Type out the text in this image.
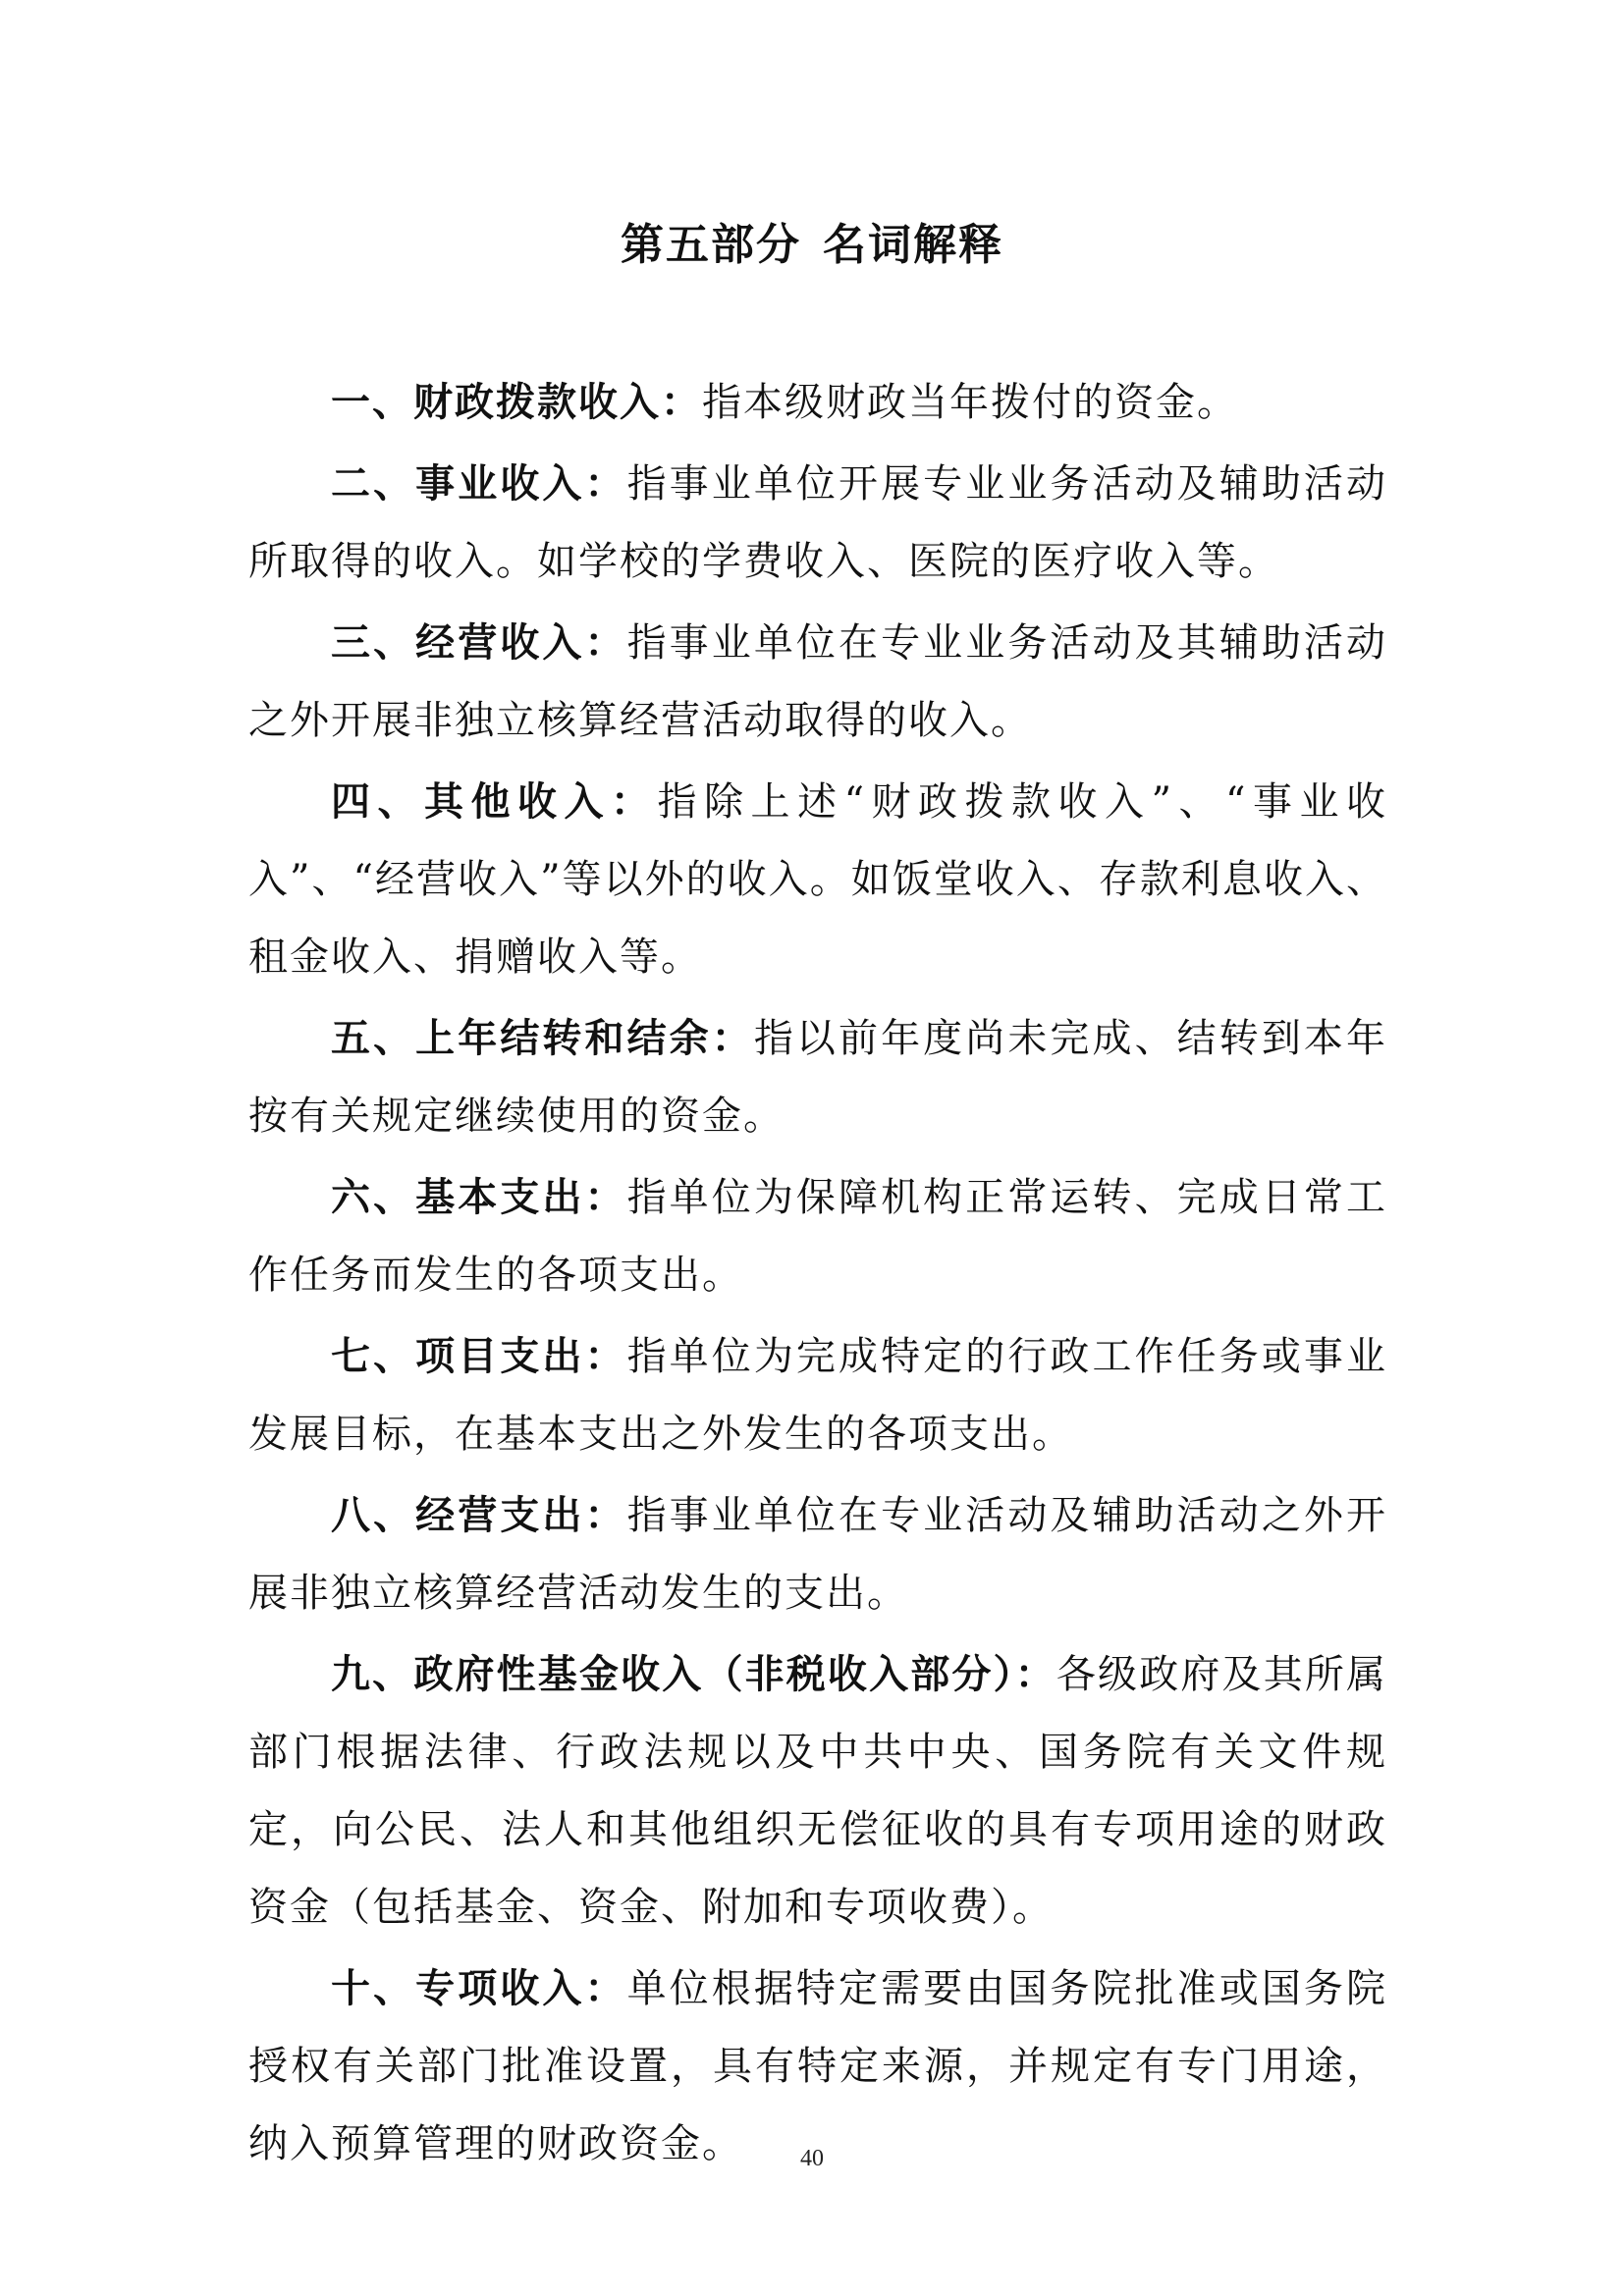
第五部分 名词解释

一、财政拨款收入：指本级财政当年拨付的资金。

二、事业收入：指事业单位开展专业业务活动及辅助活动所取得的收入。如学校的学费收入、医院的医疗收入等。

三、经营收入：指事业单位在专业业务活动及其辅助活动之外开展非独立核算经营活动取得的收入。

四、其他收入：指除上述“财政拨款收入”、“事业收入”、“经营收入”等以外的收入。如饭堂收入、存款利息收入、租金收入、捐赠收入等。

五、上年结转和结余：指以前年度尚未完成、结转到本年按有关规定继续使用的资金。

六、基本支出：指单位为保障机构正常运转、完成日常工作任务而发生的各项支出。

七、项目支出：指单位为完成特定的行政工作任务或事业发展目标，在基本支出之外发生的各项支出。

八、经营支出：指事业单位在专业活动及辅助活动之外开展非独立核算经营活动发生的支出。

九、政府性基金收入（非税收入部分）：各级政府及其所属部门根据法律、行政法规以及中共中央、国务院有关文件规定，向公民、法人和其他组织无偿征收的具有专项用途的财政资金（包括基金、资金、附加和专项收费）。

十、专项收入：单位根据特定需要由国务院批准或国务院授权有关部门批准设置，具有特定来源，并规定有专门用途，纳入预算管理的财政资金。	40
